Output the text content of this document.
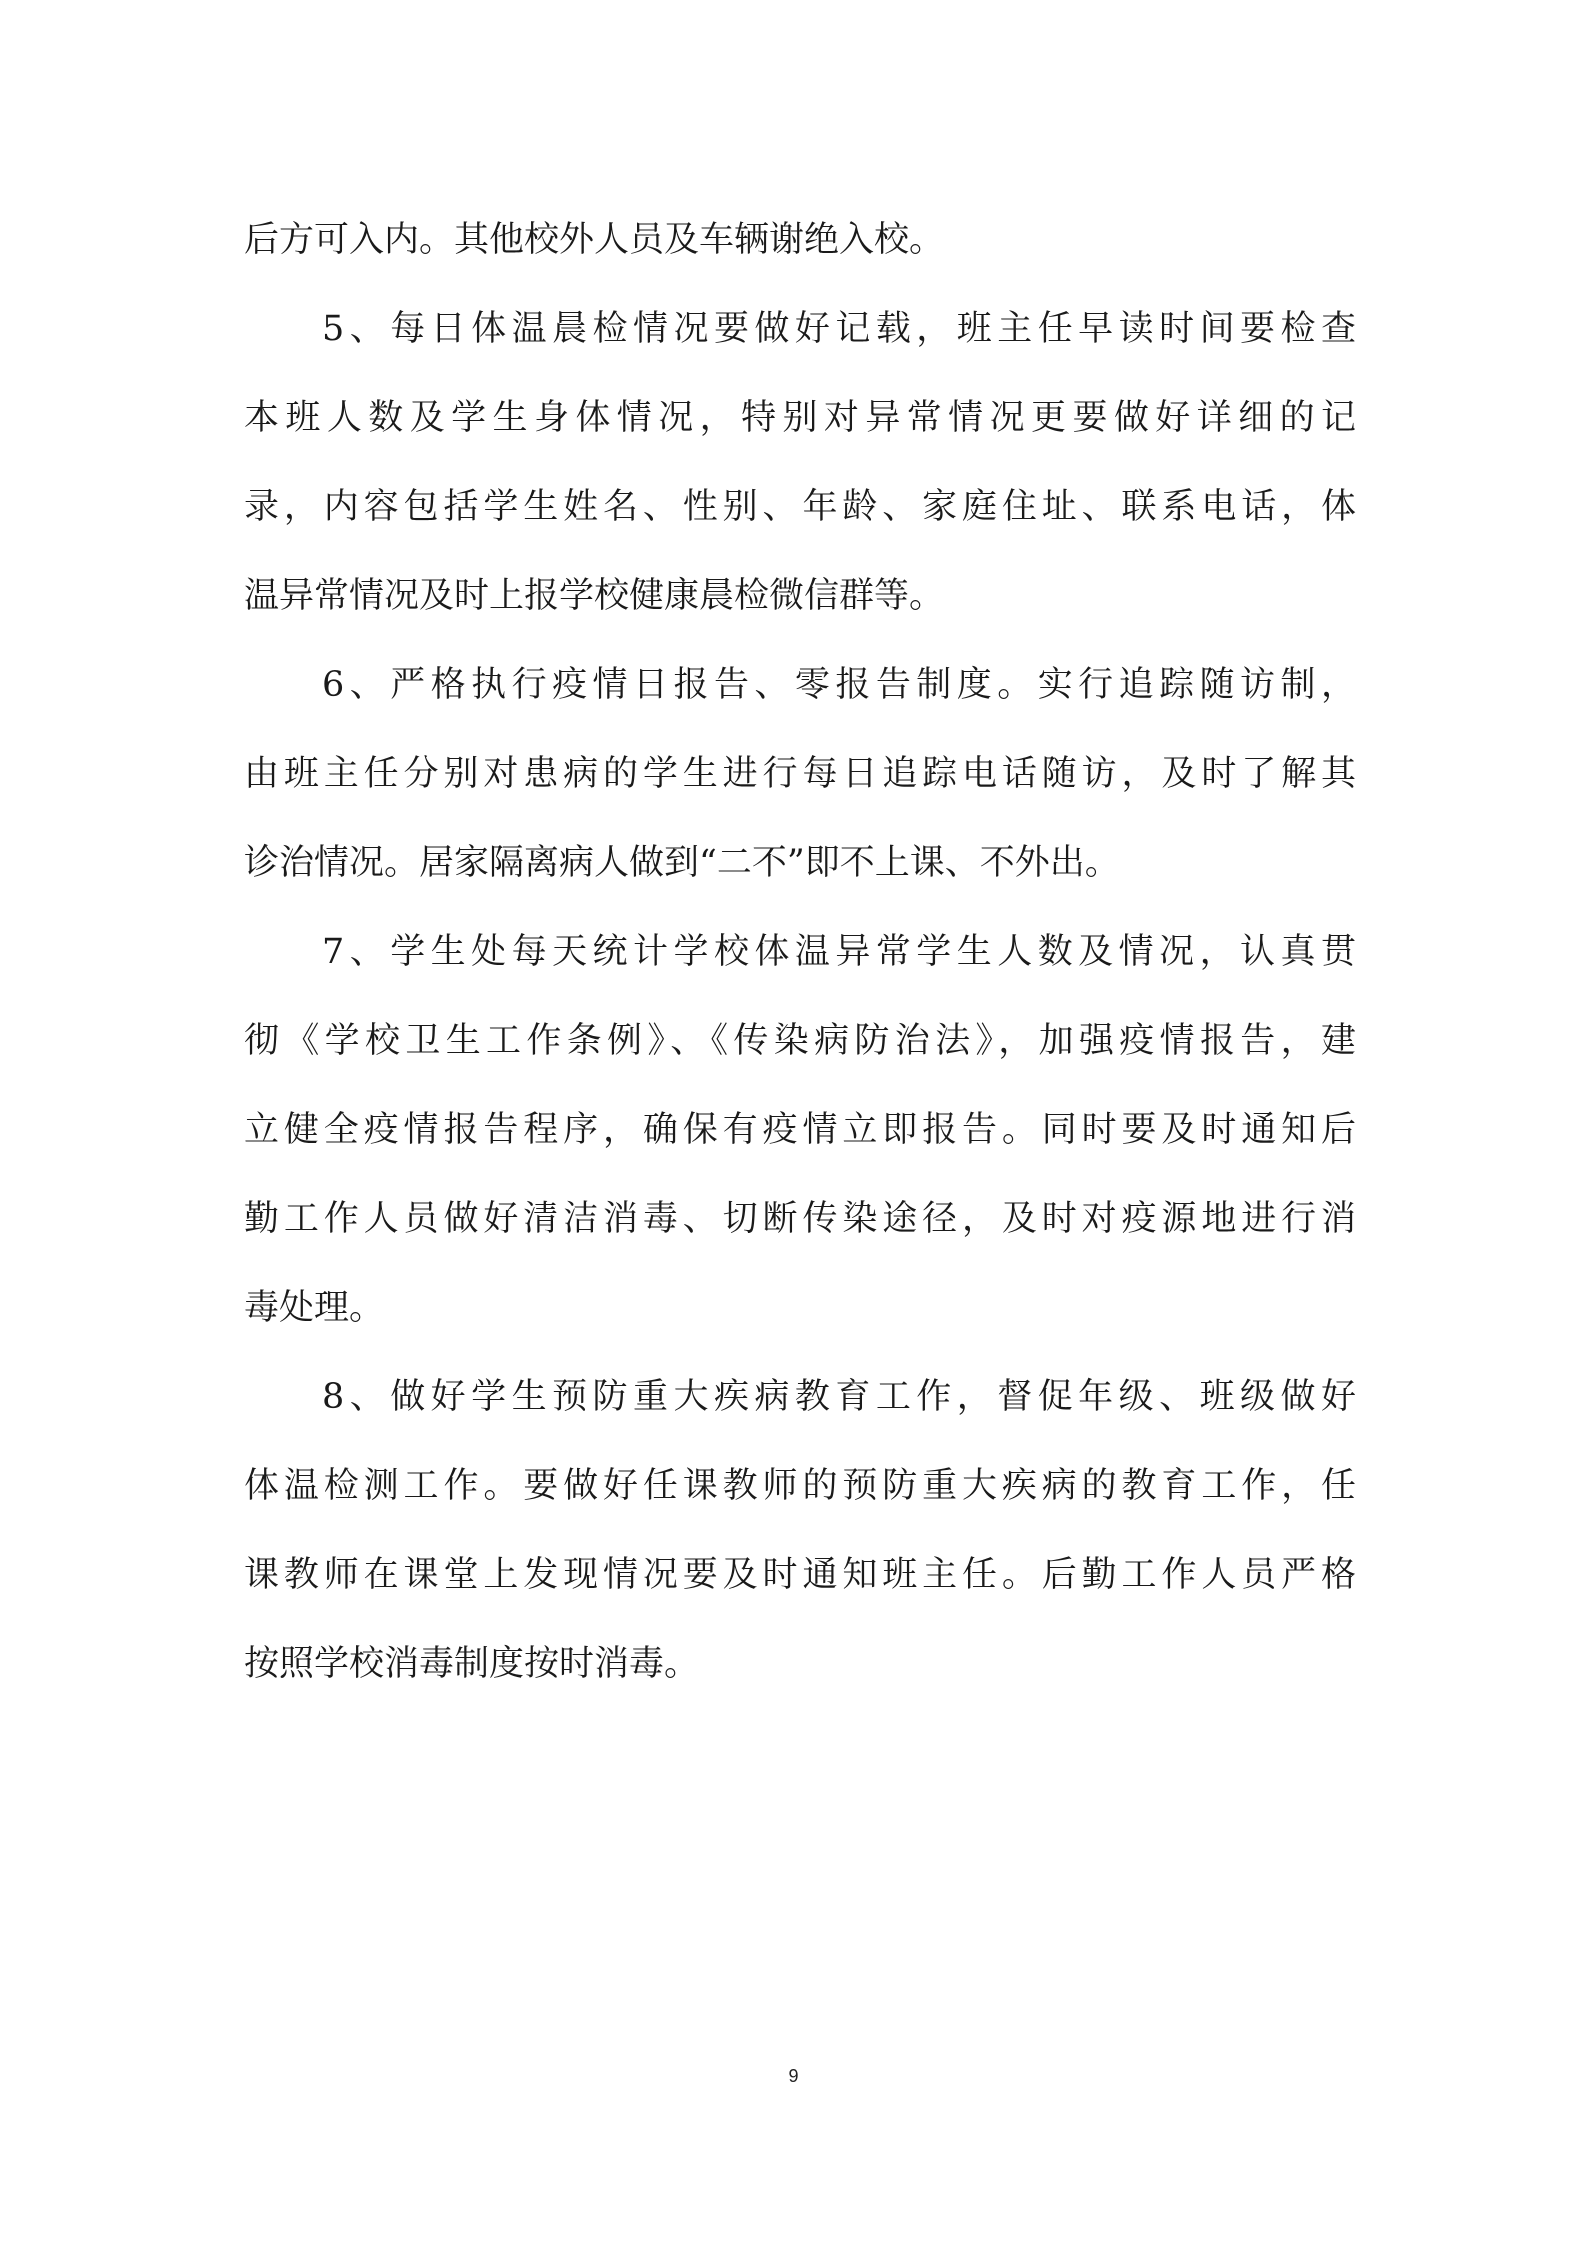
后方可入内。其他校外人员及车辆谢绝入校。
5、每日体温晨检情况要做好记载，班主任早读时间要检查
本班人数及学生身体情况，特别对异常情况更要做好详细的记
录，内容包括学生姓名、性别、年龄、家庭住址、联系电话，体
温异常情况及时上报学校健康晨检微信群等。
6、严格执行疫情日报告、零报告制度。实行追踪随访制，
由班主任分别对患病的学生进行每日追踪电话随访，及时了解其
诊治情况。居家隔离病人做到“二不”即不上课、不外出。
7、学生处每天统计学校体温异常学生人数及情况，认真贯
彻《学校卫生工作条例》、《传染病防治法》，加强疫情报告，建
立健全疫情报告程序，确保有疫情立即报告。同时要及时通知后
勤工作人员做好清洁消毒、切断传染途径，及时对疫源地进行消
毒处理。
8、做好学生预防重大疾病教育工作，督促年级、班级做好
体温检测工作。要做好任课教师的预防重大疾病的教育工作，任
课教师在课堂上发现情况要及时通知班主任。后勤工作人员严格
按照学校消毒制度按时消毒。
9
